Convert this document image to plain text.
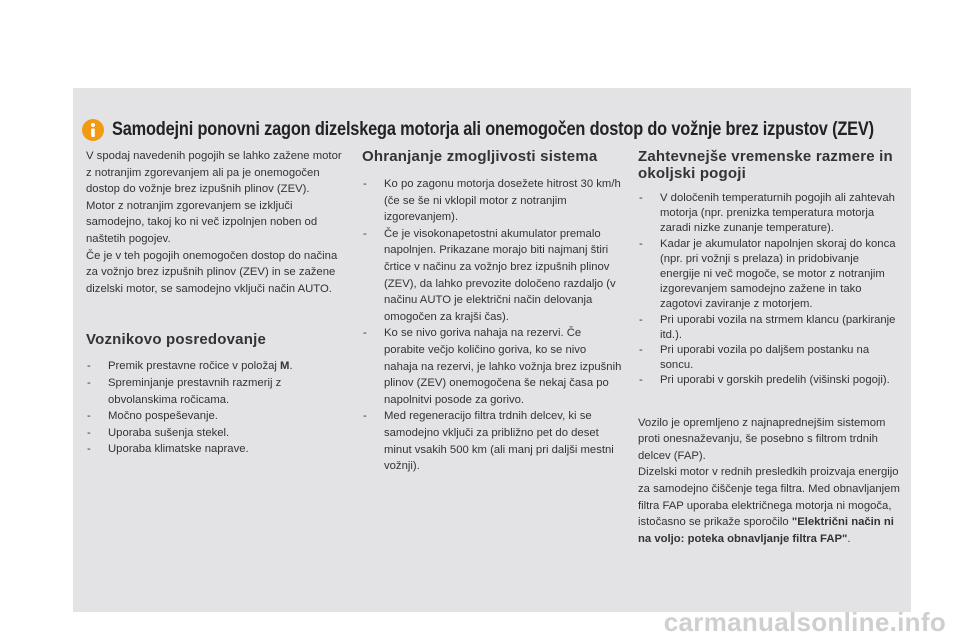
Samodejni ponovni zagon dizelskega motorja ali onemogočen dostop do vožnje brez izpustov (ZEV)

V spodaj navedenih pogojih se lahko zažene motor z notranjim zgorevanjem ali pa je onemogočen dostop do vožnje brez izpušnih plinov (ZEV).

Motor z notranjim zgorevanjem se izključi samodejno, takoj ko ni več izpolnjen noben od naštetih pogojev.

Če je v teh pogojih onemogočen dostop do načina za vožnjo brez izpušnih plinov (ZEV) in se zažene dizelski motor, se samodejno vključi način AUTO.

Voznikovo posredovanje
- Premik prestavne ročice v položaj M.
- Spreminjanje prestavnih razmerij z obvolanskima ročicama.
- Močno pospeševanje.
- Uporaba sušenja stekel.
- Uporaba klimatske naprave.
Ohranjanje zmogljivosti sistema
- Ko po zagonu motorja dosežete hitrost 30 km/h (če se še ni vklopil motor z notranjim izgorevanjem).
- Če je visokonapetostni akumulator premalo napolnjen. Prikazane morajo biti najmanj štiri črtice v načinu za vožnjo brez izpušnih plinov (ZEV), da lahko prevozite določeno razdaljo (v načinu AUTO je električni način delovanja omogočen za krajši čas).
- Ko se nivo goriva nahaja na rezervi. Če porabite večjo količino goriva, ko se nivo nahaja na rezervi, je lahko vožnja brez izpušnih plinov (ZEV) onemogočena še nekaj časa po napolnitvi posode za gorivo.
- Med regeneracijo filtra trdnih delcev, ki se samodejno vključi za približno pet do deset minut vsakih 500 km (ali manj pri daljši mestni vožnji).
Zahtevnejše vremenske razmere in okoljski pogoji
- V določenih temperaturnih pogojih ali zahtevah motorja (npr. prenizka temperatura motorja zaradi nizke zunanje temperature).
- Kadar je akumulator napolnjen skoraj do konca (npr. pri vožnji s prelaza) in pridobivanje energije ni več mogoče, se motor z notranjim izgorevanjem samodejno zažene in tako zagotovi zaviranje z motorjem.
- Pri uporabi vozila na strmem klancu (parkiranje itd.).
- Pri uporabi vozila po daljšem postanku na soncu.
- Pri uporabi v gorskih predelih (višinski pogoji).

Vozilo je opremljeno z najnaprednejšim sistemom proti onesnaževanju, še posebno s filtrom trdnih delcev (FAP).

Dizelski motor v rednih presledkih proizvaja energijo za samodejno čiščenje tega filtra. Med obnavljanjem filtra FAP uporaba električnega motorja ni mogoča, istočasno se prikaže sporočilo "Električni način ni na voljo: poteka obnavljanje filtra FAP".

carmanualsonline.info
